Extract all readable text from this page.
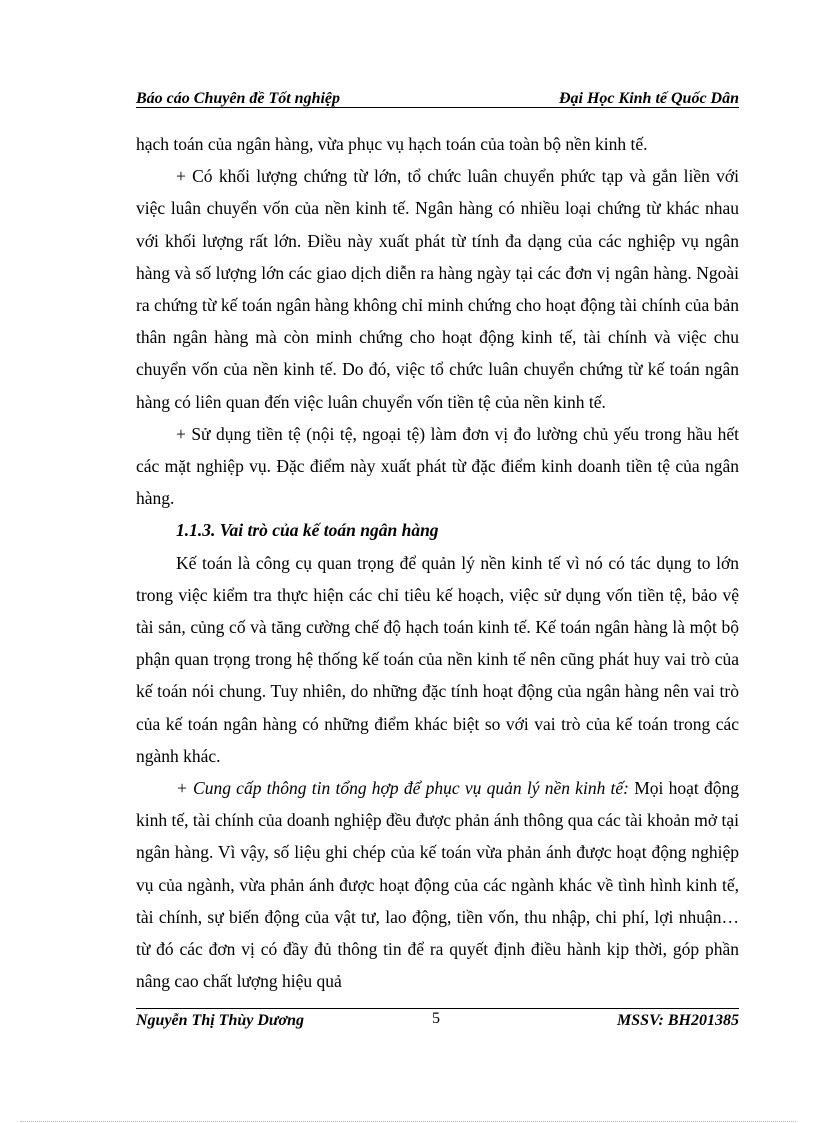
Báo cáo Chuyên đề Tốt nghiệp	Đại Học Kinh tế Quốc Dân

hạch toán của ngân hàng, vừa phục vụ hạch toán của toàn bộ nền kinh tế.

+ Có khối lượng chứng từ lớn, tổ chức luân chuyển phức tạp và gắn liền với việc luân chuyển vốn của nền kinh tế. Ngân hàng có nhiều loại chứng từ khác nhau với khối lượng rất lớn. Điều này xuất phát từ tính đa dạng của các nghiệp vụ ngân hàng và số lượng lớn các giao dịch diễn ra hàng ngày tại các đơn vị ngân hàng. Ngoài ra chứng từ kế toán ngân hàng không chỉ minh chứng cho hoạt động tài chính của bản thân ngân hàng mà còn minh chứng cho hoạt động kinh tế, tài chính và việc chu chuyển vốn của nền kinh tế. Do đó, việc tổ chức luân chuyển chứng từ kế toán ngân hàng có liên quan đến việc luân chuyển vốn tiền tệ của nền kinh tế.

+ Sử dụng tiền tệ (nội tệ, ngoại tệ) làm đơn vị đo lường chủ yếu trong hầu hết các mặt nghiệp vụ. Đặc điểm này xuất phát từ đặc điểm kinh doanh tiền tệ của ngân hàng.

1.1.3. Vai trò của kế toán ngân hàng

Kế toán là công cụ quan trọng để quản lý nền kinh tế vì nó có tác dụng to lớn trong việc kiểm tra thực hiện các chỉ tiêu kế hoạch, việc sử dụng vốn tiền tệ, bảo vệ tài sản, củng cố và tăng cường chế độ hạch toán kinh tế. Kế toán ngân hàng là một bộ phận quan trọng trong hệ thống kế toán của nền kinh tế nên cũng phát huy vai trò của kế toán nói chung. Tuy nhiên, do những đặc tính hoạt động của ngân hàng nên vai trò của kế toán ngân hàng có những điểm khác biệt so với vai trò của kế toán trong các ngành khác.

+ Cung cấp thông tin tổng hợp để phục vụ quản lý nền kinh tế: Mọi hoạt động kinh tế, tài chính của doanh nghiệp đều được phản ánh thông qua các tài khoản mở tại ngân hàng. Vì vậy, số liệu ghi chép của kế toán vừa phản ánh được hoạt động nghiệp vụ của ngành, vừa phản ánh được hoạt động của các ngành khác về tình hình kinh tế, tài chính, sự biến động của vật tư, lao động, tiền vốn, thu nhập, chi phí, lợi nhuận… từ đó các đơn vị có đầy đủ thông tin để ra quyết định điều hành kịp thời, góp phần nâng cao chất lượng hiệu quả

Nguyễn Thị Thùy Dương	5	MSSV: BH201385
